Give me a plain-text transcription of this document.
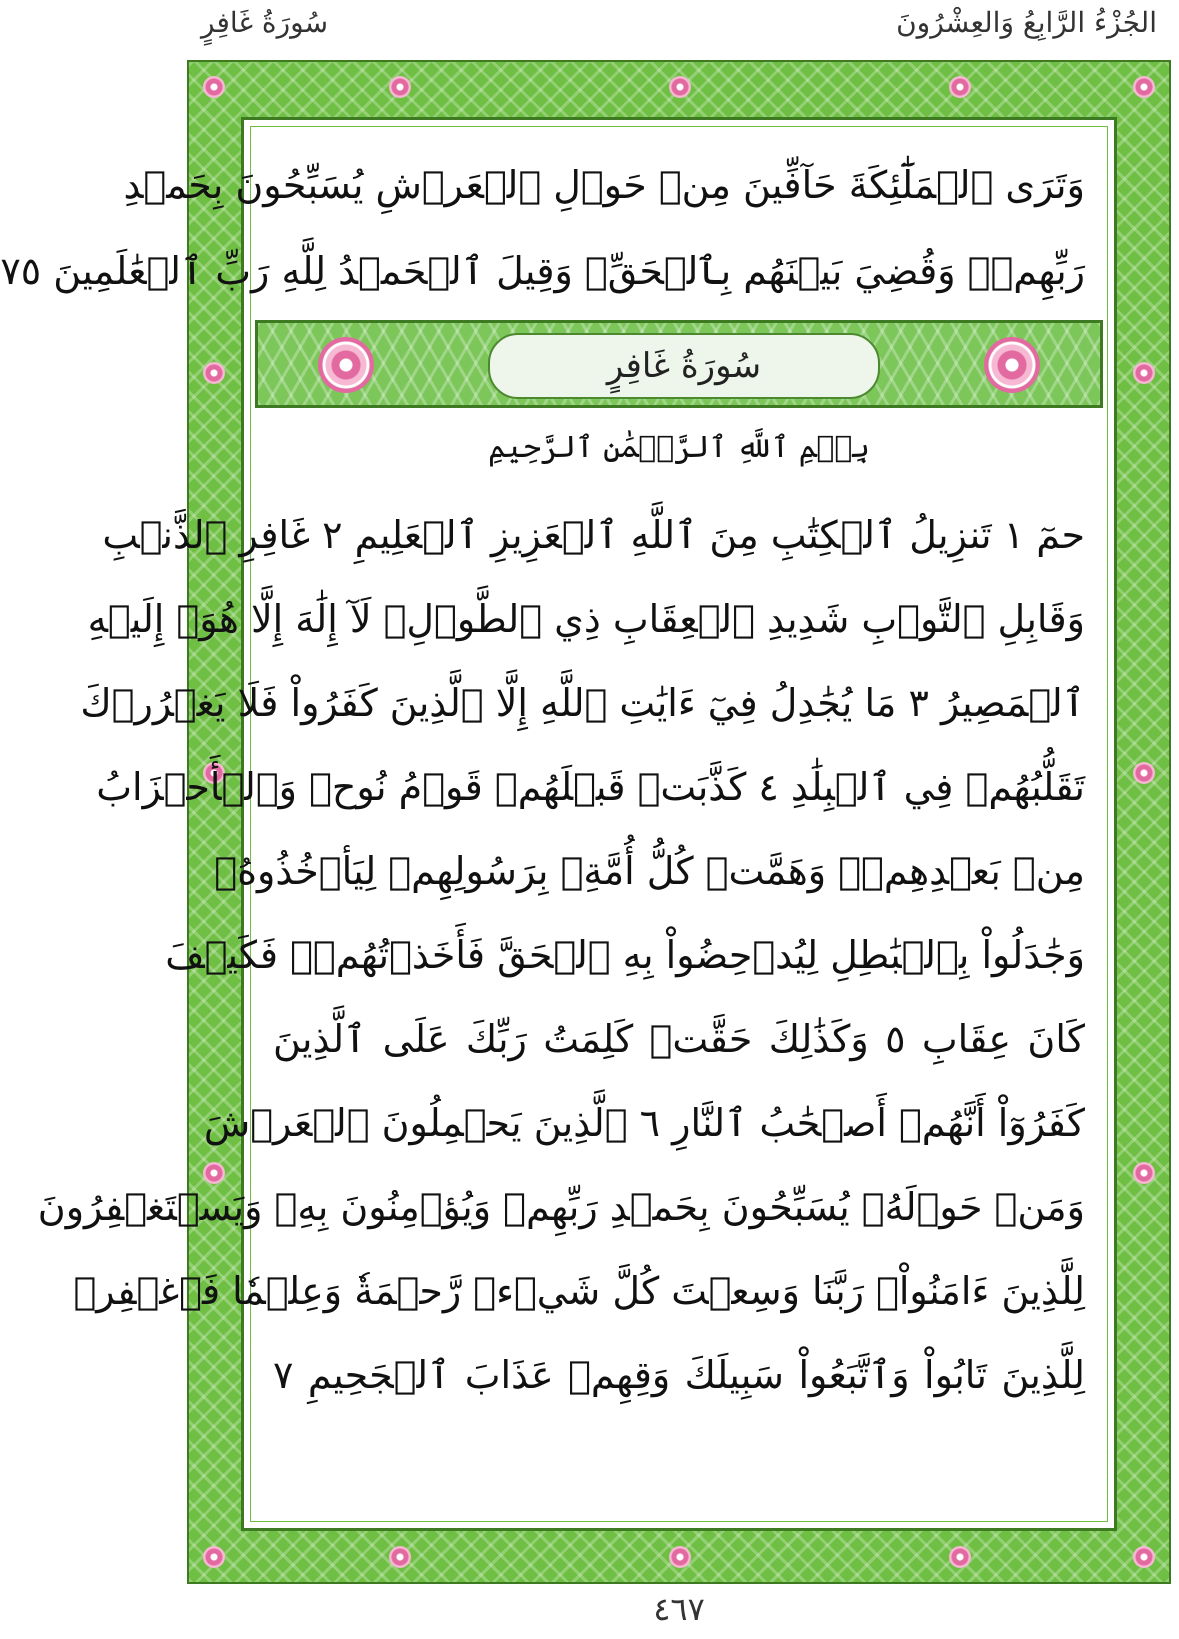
الجُزْءُ الرَّابِعُ وَالعِشْرُونَ
سُورَةُ غَافِرٍ
وَتَرَى ٱلۡمَلَٰٓئِكَةَ حَآفِّينَ مِنۡ حَوۡلِ ٱلۡعَرۡشِ يُسَبِّحُونَ بِحَمۡدِ
رَبِّهِمۡۚ وَقُضِيَ بَيۡنَهُم بِٱلۡحَقِّۚ وَقِيلَ ٱلۡحَمۡدُ لِلَّهِ رَبِّ ٱلۡعَٰلَمِينَ ٧٥
سُورَةُ غَافِرٍ
بِسۡمِ ٱللَّهِ ٱلرَّحۡمَٰنِ ٱلرَّحِيمِ
حمٓ ١ تَنزِيلُ ٱلۡكِتَٰبِ مِنَ ٱللَّهِ ٱلۡعَزِيزِ ٱلۡعَلِيمِ ٢ غَافِرِ ٱلذَّنۢبِ
وَقَابِلِ ٱلتَّوۡبِ شَدِيدِ ٱلۡعِقَابِ ذِي ٱلطَّوۡلِۖ لَآ إِلَٰهَ إِلَّا هُوَۖ إِلَيۡهِ
ٱلۡمَصِيرُ ٣ مَا يُجَٰدِلُ فِيٓ ءَايَٰتِ ٱللَّهِ إِلَّا ٱلَّذِينَ كَفَرُواْ فَلَا يَغۡرُرۡكَ
تَقَلُّبُهُمۡ فِي ٱلۡبِلَٰدِ ٤ كَذَّبَتۡ قَبۡلَهُمۡ قَوۡمُ نُوحٖ وَٱلۡأَحۡزَابُ
مِنۢ بَعۡدِهِمۡۖ وَهَمَّتۡ كُلُّ أُمَّةِۭ بِرَسُولِهِمۡ لِيَأۡخُذُوهُۖ
وَجَٰدَلُواْ بِٱلۡبَٰطِلِ لِيُدۡحِضُواْ بِهِ ٱلۡحَقَّ فَأَخَذۡتُهُمۡۖ فَكَيۡفَ
كَانَ عِقَابِ ٥ وَكَذَٰلِكَ حَقَّتۡ كَلِمَتُ رَبِّكَ عَلَى ٱلَّذِينَ
كَفَرُوٓاْ أَنَّهُمۡ أَصۡحَٰبُ ٱلنَّارِ ٦ ٱلَّذِينَ يَحۡمِلُونَ ٱلۡعَرۡشَ
وَمَنۡ حَوۡلَهُۥ يُسَبِّحُونَ بِحَمۡدِ رَبِّهِمۡ وَيُؤۡمِنُونَ بِهِۦ وَيَسۡتَغۡفِرُونَ
لِلَّذِينَ ءَامَنُواْۖ رَبَّنَا وَسِعۡتَ كُلَّ شَيۡءٖ رَّحۡمَةٗ وَعِلۡمٗا فَٱغۡفِرۡ
لِلَّذِينَ تَابُواْ وَٱتَّبَعُواْ سَبِيلَكَ وَقِهِمۡ عَذَابَ ٱلۡجَحِيمِ ٧
٤٦٧
